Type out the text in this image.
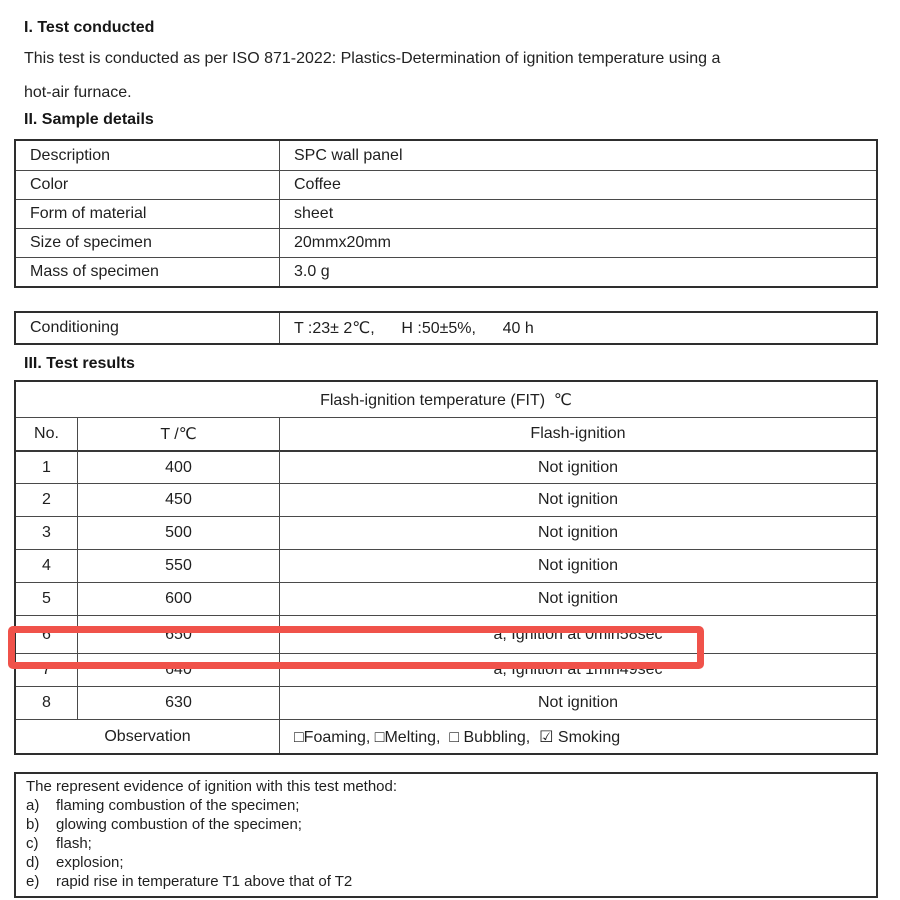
I. Test conducted
This test is conducted as per ISO 871-2022: Plastics-Determination of ignition temperature using a
hot-air furnace.
II. Sample details
Description	SPC wall panel
Color	Coffee
Form of material	sheet
Size of specimen	20mmx20mm
Mass of specimen	3.0 g
Conditioning	T :23± 2℃,      H :50±5%,      40 h
III. Test results
Flash-ignition temperature (FIT)  ℃
No.	T /℃	Flash-ignition
1	400	Not ignition
2	450	Not ignition
3	500	Not ignition
4	550	Not ignition
5	600	Not ignition
6	650	a, Ignition at 0min58sec
7	640	a, Ignition at 1min49sec
8	630	Not ignition
Observation	□Foaming, □Melting,  □ Bubbling,  ☑ Smoking
The represent evidence of ignition with this test method:
a)	flaming combustion of the specimen;
b)	glowing combustion of the specimen;
c)	flash;
d)	explosion;
e)	rapid rise in temperature T1 above that of T2
